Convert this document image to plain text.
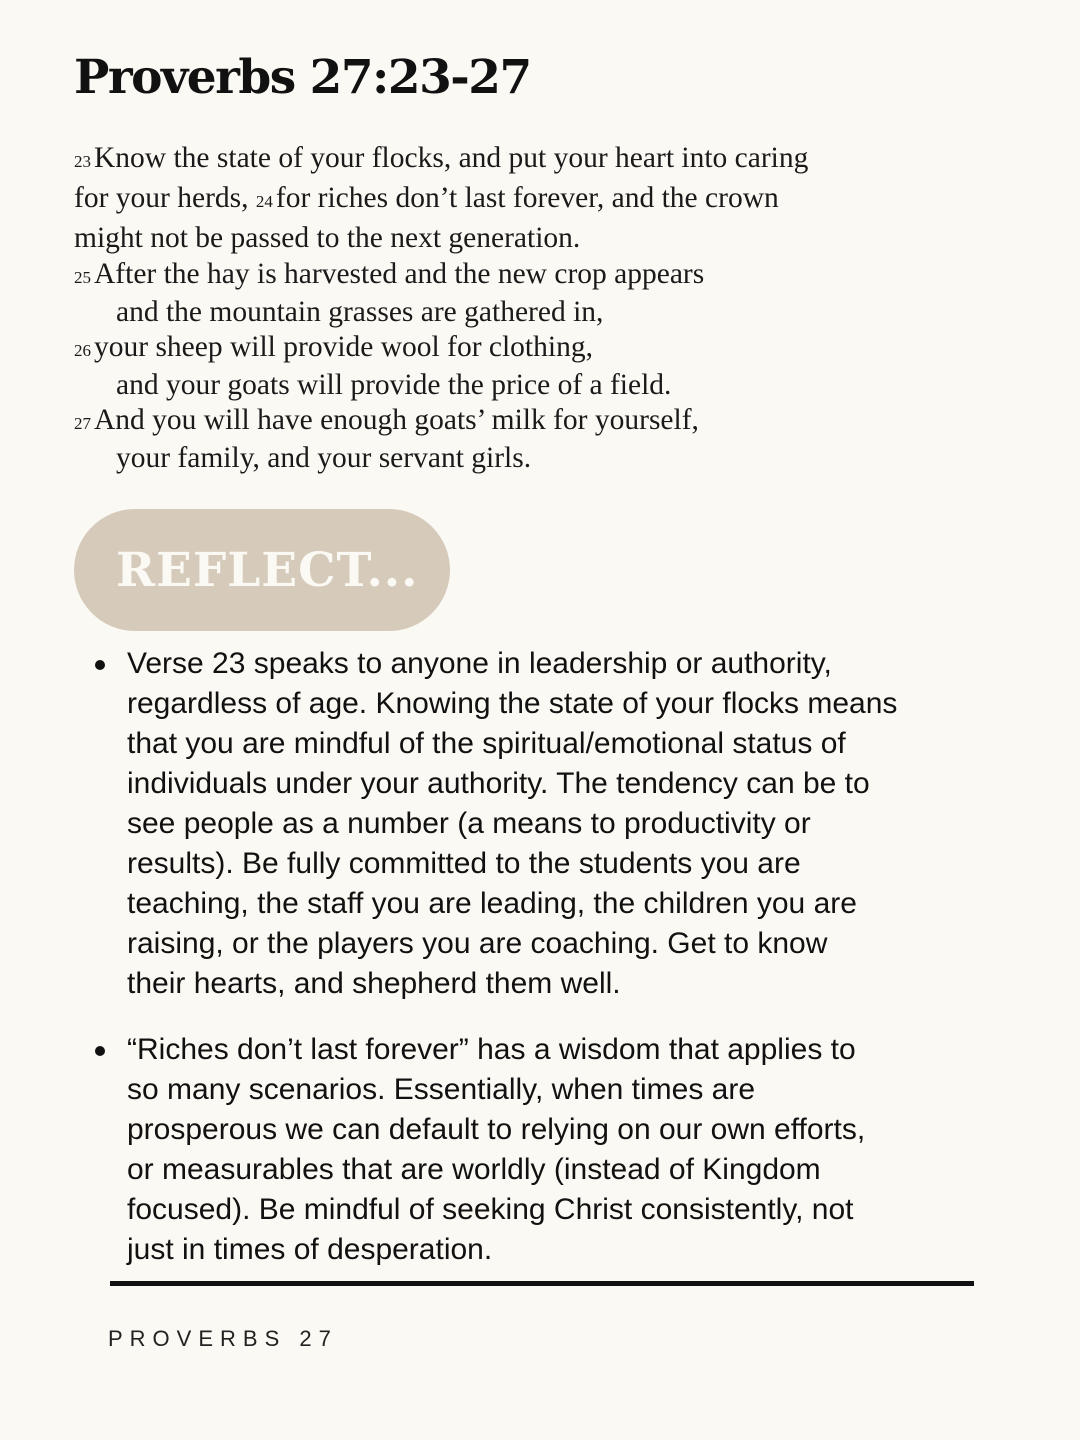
Proverbs 27:23-27
23 Know the state of your flocks, and put your heart into caring
for your herds, 24 for riches don’t last forever, and the crown
might not be passed to the next generation.
25 After the hay is harvested and the new crop appears
and the mountain grasses are gathered in,
26 your sheep will provide wool for clothing,
and your goats will provide the price of a field.
27 And you will have enough goats’ milk for yourself,
your family, and your servant girls.
REFLECT...
Verse 23 speaks to anyone in leadership or authority,
regardless of age. Knowing the state of your flocks means
that you are mindful of the spiritual/emotional status of
individuals under your authority. The tendency can be to
see people as a number (a means to productivity or
results). Be fully committed to the students you are
teaching, the staff you are leading, the children you are
raising, or the players you are coaching. Get to know
their hearts, and shepherd them well.
“Riches don’t last forever” has a wisdom that applies to
so many scenarios. Essentially, when times are
prosperous we can default to relying on our own efforts,
or measurables that are worldly (instead of Kingdom
focused). Be mindful of seeking Christ consistently, not
just in times of desperation.
PROVERBS 27
